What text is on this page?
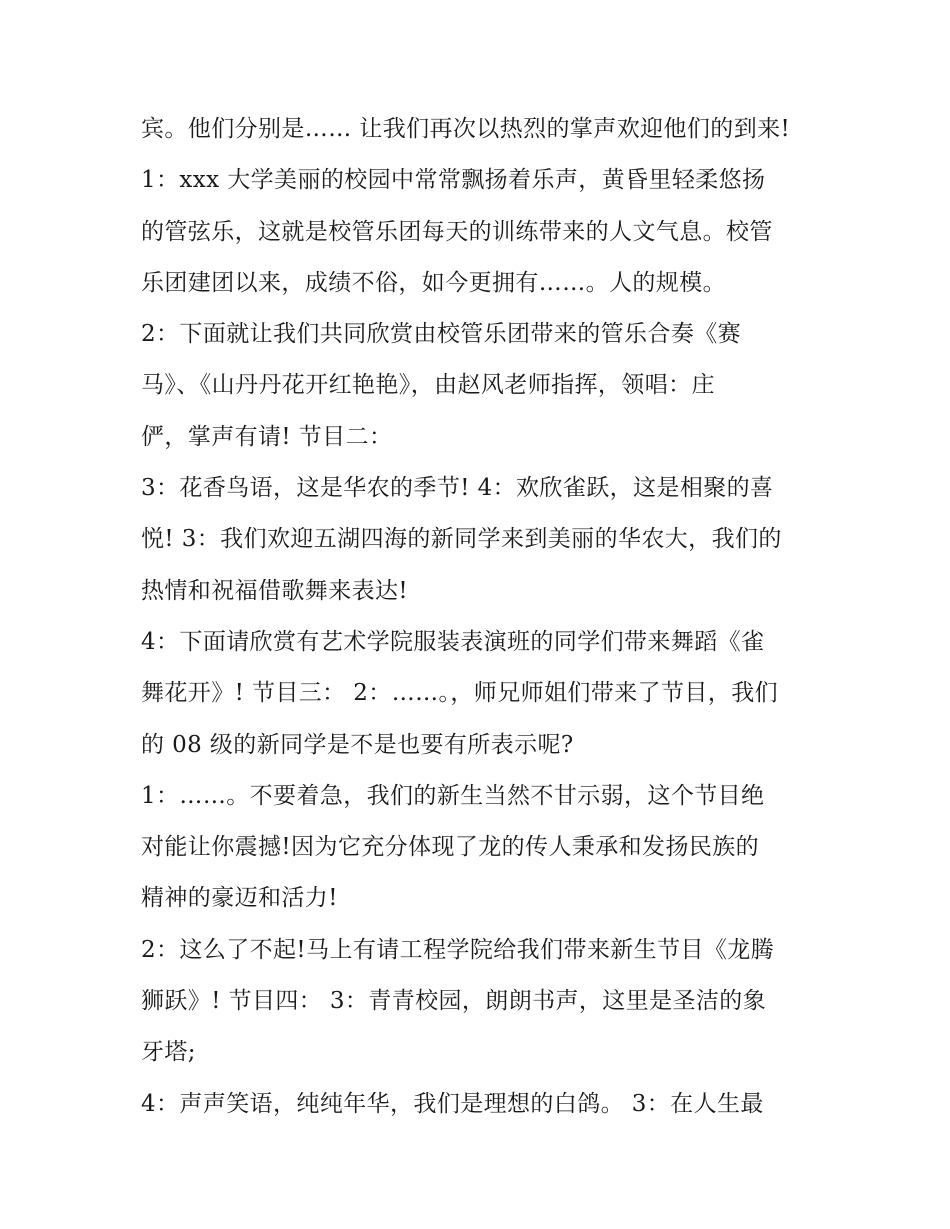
宾。他们分别是…… 让我们再次以热烈的掌声欢迎他们的到来!
1：xxx 大学美丽的校园中常常飘扬着乐声，黄昏里轻柔悠扬
的管弦乐，这就是校管乐团每天的训练带来的人文气息。校管
乐团建团以来，成绩不俗，如今更拥有……。人的规模。
2：下面就让我们共同欣赏由校管乐团带来的管乐合奏《赛
马》、《山丹丹花开红艳艳》，由赵风老师指挥，领唱：庄
俨，掌声有请! 节目二：
3：花香鸟语，这是华农的季节! 4：欢欣雀跃，这是相聚的喜
悦! 3：我们欢迎五湖四海的新同学来到美丽的华农大，我们的
热情和祝福借歌舞来表达!
4：下面请欣赏有艺术学院服装表演班的同学们带来舞蹈《雀
舞花开》! 节目三： 2：……。，师兄师姐们带来了节目，我们
的 08 级的新同学是不是也要有所表示呢?
1：……。不要着急，我们的新生当然不甘示弱，这个节目绝
对能让你震撼!因为它充分体现了龙的传人秉承和发扬民族的
精神的豪迈和活力!
2：这么了不起!马上有请工程学院给我们带来新生节目《龙腾
狮跃》! 节目四： 3：青青校园，朗朗书声，这里是圣洁的象
牙塔;
4：声声笑语，纯纯年华，我们是理想的白鸽。 3：在人生最
